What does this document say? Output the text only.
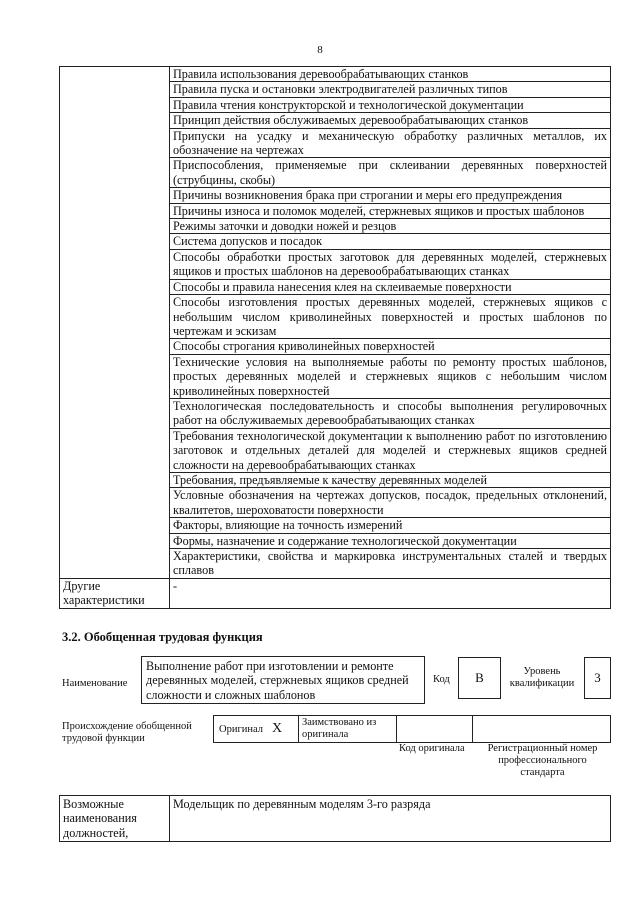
8
	Правила использования деревообрабатывающих станков
	Правила пуска и остановки электродвигателей различных типов
	Правила чтения конструкторской и технологической документации
	Принцип действия обслуживаемых деревообрабатывающих станков
	Припуски на усадку и механическую обработку различных металлов, их обозначение на чертежах
	Приспособления, применяемые при склеивании деревянных поверхностей (струбцины, скобы)
	Причины возникновения брака при строгании и меры его предупреждения
	Причины износа и поломок моделей, стержневых ящиков и простых шаблонов
	Режимы заточки и доводки ножей и резцов
	Система допусков и посадок
	Способы обработки простых заготовок для деревянных моделей, стержневых ящиков и простых шаблонов на деревообрабатывающих станках
	Способы и правила нанесения клея на склеиваемые поверхности
	Способы изготовления простых деревянных моделей, стержневых ящиков с небольшим числом криволинейных поверхностей и простых шаблонов по чертежам и эскизам
	Способы строгания криволинейных поверхностей
	Технические условия на выполняемые работы по ремонту простых шаблонов, простых деревянных моделей и стержневых ящиков с небольшим числом криволинейных поверхностей
	Технологическая последовательность и способы выполнения регулировочных работ на обслуживаемых деревообрабатывающих станках
	Требования технологической документации к выполнению работ по изготовлению заготовок и отдельных деталей для моделей и стержневых ящиков средней сложности на деревообрабатывающих станках
	Требования, предъявляемые к качеству деревянных моделей
	Условные обозначения на чертежах допусков, посадок, предельных отклонений, квалитетов, шероховатости поверхности
	Факторы, влияющие на точность измерений
	Формы, назначение и содержание технологической документации
	Характеристики, свойства и маркировка инструментальных сталей и твердых сплавов
Другие характеристики	-
3.2. Обобщенная трудовая функция
Наименование
Выполнение работ при изготовлении и ремонте деревянных моделей, стержневых ящиков средней сложности и сложных шаблонов
Код B	Уровень квалификации 3
Происхождение обобщенной трудовой функции
Оригинал X Заимствовано из оригинала
Код оригинала	Регистрационный номер профессионального стандарта
Возможные наименования должностей,	Модельщик по деревянным моделям 3-го разряда
